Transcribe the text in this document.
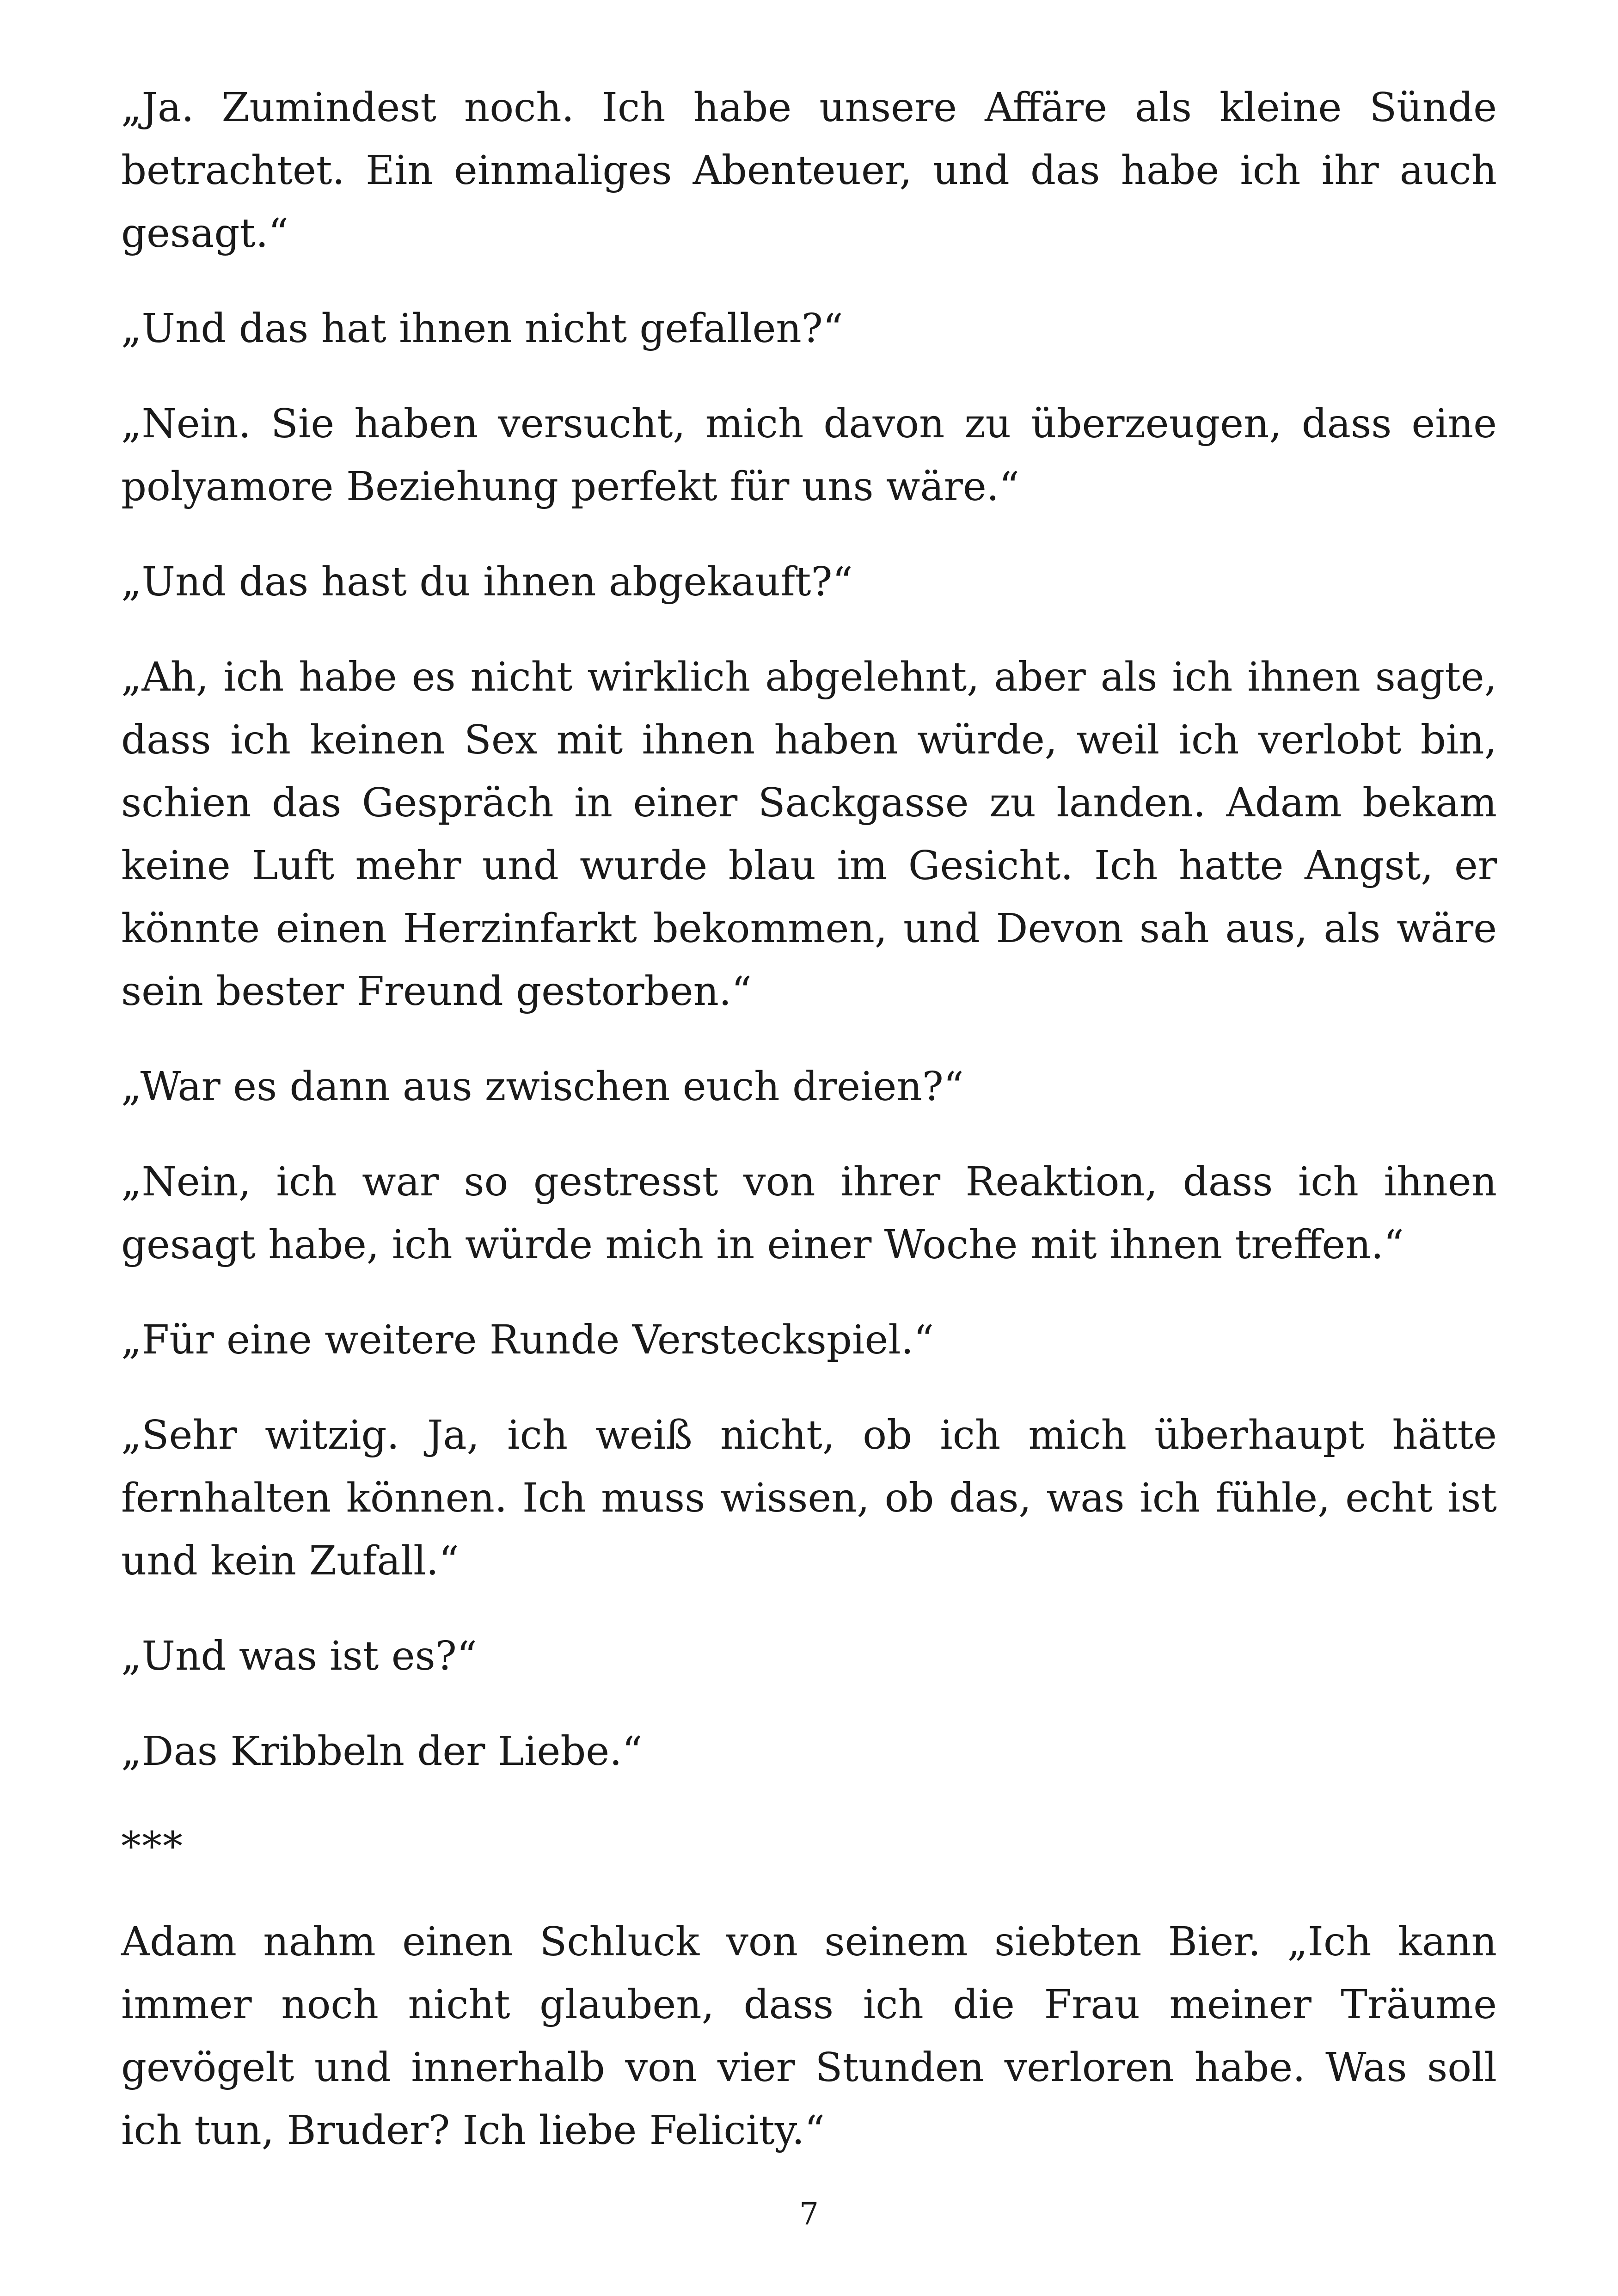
„Ja. Zumindest noch. Ich habe unsere Affäre als kleine Sünde betrachtet. Ein einmaliges Abenteuer, und das habe ich ihr auch gesagt.“

„Und das hat ihnen nicht gefallen?“

„Nein. Sie haben versucht, mich davon zu überzeugen, dass eine polyamore Beziehung perfekt für uns wäre.“

„Und das hast du ihnen abgekauft?“

„Ah, ich habe es nicht wirklich abgelehnt, aber als ich ihnen sagte, dass ich keinen Sex mit ihnen haben würde, weil ich verlobt bin, schien das Gespräch in einer Sackgasse zu landen. Adam bekam keine Luft mehr und wurde blau im Gesicht. Ich hatte Angst, er könnte einen Herzinfarkt bekommen, und Devon sah aus, als wäre sein bester Freund gestorben.“

„War es dann aus zwischen euch dreien?“

„Nein, ich war so gestresst von ihrer Reaktion, dass ich ihnen gesagt habe, ich würde mich in einer Woche mit ihnen treffen.“

„Für eine weitere Runde Versteckspiel.“

„Sehr witzig. Ja, ich weiß nicht, ob ich mich überhaupt hätte fernhalten können. Ich muss wissen, ob das, was ich fühle, echt ist und kein Zufall.“

„Und was ist es?“

„Das Kribbeln der Liebe.“

***

Adam nahm einen Schluck von seinem siebten Bier. „Ich kann immer noch nicht glauben, dass ich die Frau meiner Träume gevögelt und innerhalb von vier Stunden verloren habe. Was soll ich tun, Bruder? Ich liebe Felicity.“

7
